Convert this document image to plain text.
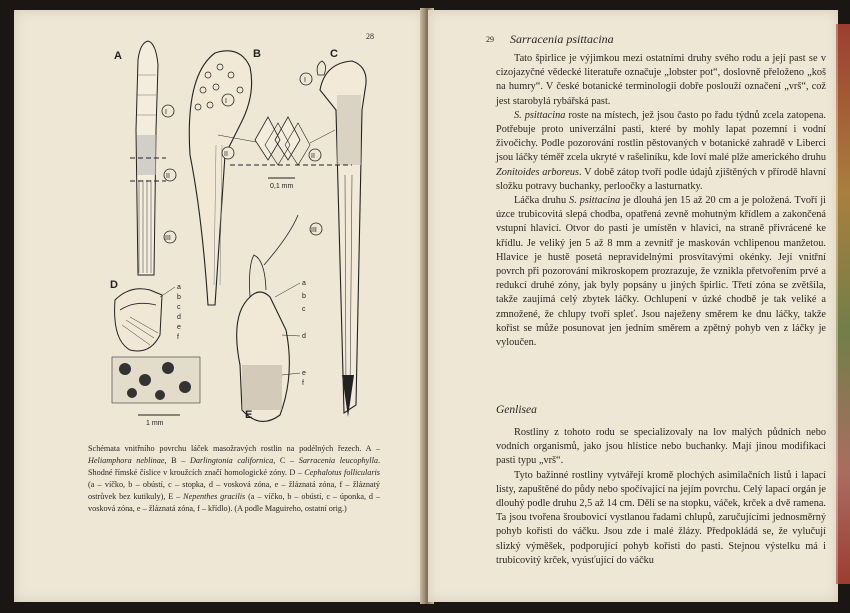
28
A
I
II
III
B
I
II
0,1 mm
C
I
II
III
D	a
b
c
d
e
f
1 mm
E
a
b
c
d
e
f
Schémata vnitřního povrchu láček masožravých rostlin na podélných řezech. A – Heliamphora neblinae, B – Darlingtonia californica, C – Sarracenia leucophylla. Shodné římské číslice v kroužcích značí homologické zóny. D – Cephalotus follicularis (a – víčko, b – obústí, c – stopka, d – vosková zóna, e – žláznatá zóna, f – žláznatý ostrůvek bez kutikuly), E – Nepenthes gracilis (a – víčko, b – obústí, c – úponka, d – vosková zóna, e – žláznatá zóna, f – křídlo). (A podle Maguireho, ostatní orig.)
29 Sarracenia psittacina

Tato špirlice je výjimkou mezi ostatními druhy svého rodu a její past se v cizojazyčné vědecké literatuře označuje „lobster pot“, doslovně přeloženo „koš na humry“. V české botanické terminologii dobře poslouží označení „vrš“, což jest starobylá rybářská past.

S. psittacina roste na místech, jež jsou často po řadu týdnů zcela zatopena. Potřebuje proto univerzální pasti, které by mohly lapat pozemní i vodní živočichy. Podle pozorování rostlin pěstovaných v botanické zahradě v Liberci jsou láčky téměř zcela ukryté v rašeliníku, kde loví malé plže amerického druhu Zonitoides arboreus. V době zátop tvoří podle údajů zjištěných v přírodě hlavní složku potravy buchanky, perloočky a lasturnatky.

Láčka druhu S. psittacina je dlouhá jen 15 až 20 cm a je položená. Tvoří ji úzce trubicovitá slepá chodba, opatřená zevně mohutným křídlem a zakončená vstupní hlavicí. Otvor do pasti je umístěn v hlavici, na straně přivrácené ke křídlu. Je veliký jen 5 až 8 mm a zevnitř je maskován vchlipenou manžetou. Hlavice je hustě posetá nepravidelnými prosvítavými okénky. Její vnitřní povrch při pozorování mikroskopem prozrazuje, že vznikla přetvořením prvé a redukcí druhé zóny, jak byly popsány u jiných špirlic. Třetí zóna se zvětšila, takže zaujímá celý zbytek láčky. Ochlupení v úzké chodbě je tak veliké a zmnožené, že chlupy tvoří spleť. Jsou naježeny směrem ke dnu láčky, takže kořist se může posunovat jen jedním směrem a zpětný pohyb ven z láčky je vyloučen.

Genlisea

Rostliny z tohoto rodu se specializovaly na lov malých půdních nebo vodních organismů, jako jsou hlístice nebo buchanky. Mají jinou modifikaci pasti typu „vrš“.

Tyto bažinné rostliny vytvářejí kromě plochých asimilačních listů i lapací listy, zapuštěné do půdy nebo spočívající na jejím povrchu. Celý lapací orgán je dlouhý podle druhu 2,5 až 14 cm. Dělí se na stopku, váček, krček a dvě ramena. Ta jsou tvořena šroubovicí vystlanou řadami chlupů, zaručujícími jednosměrný pohyb kořisti do váčku. Jsou zde i malé žlázy. Předpokládá se, že vylučují slizký výměšek, podporující pohyb kořisti do pasti. Stejnou výstelku má i trubicovitý krček, vyúsťující do váčku
